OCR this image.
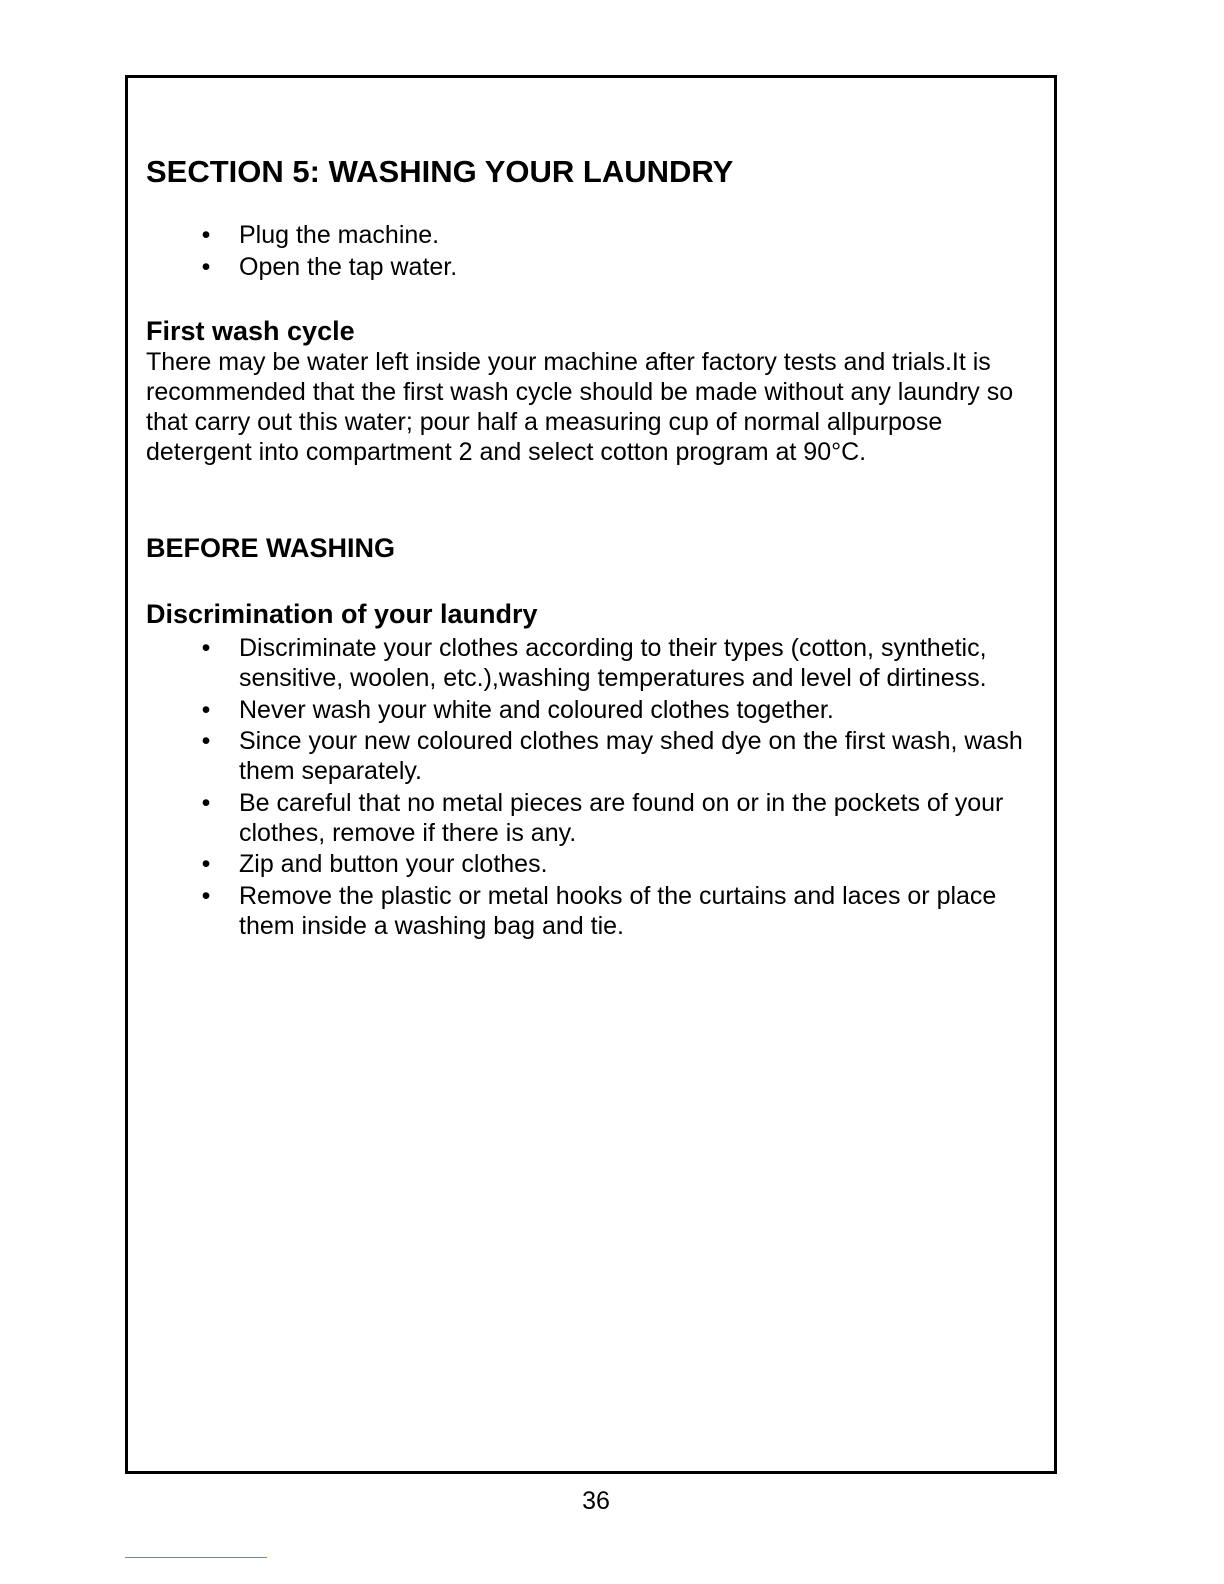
SECTION 5: WASHING YOUR LAUNDRY
• Plug the machine.
• Open the tap water.
First wash cycle

There may be water left inside your machine after factory tests and trials.It is recommended that the first wash cycle should be made without any laundry so that carry out this water; pour half a measuring cup of normal allpurpose detergent into compartment 2 and select cotton program at 90°C.

BEFORE WASHING
Discrimination of your laundry
• Discriminate your clothes according to their types (cotton, synthetic, sensitive, woolen, etc.),washing temperatures and level of dirtiness.
• Never wash your white and coloured clothes together.
• Since your new coloured clothes may shed dye on the first wash, wash them separately.
• Be careful that no metal pieces are found on or in the pockets of your clothes, remove if there is any.
• Zip and button your clothes.
• Remove the plastic or metal hooks of the curtains and laces or place them inside a washing bag and tie.
36
